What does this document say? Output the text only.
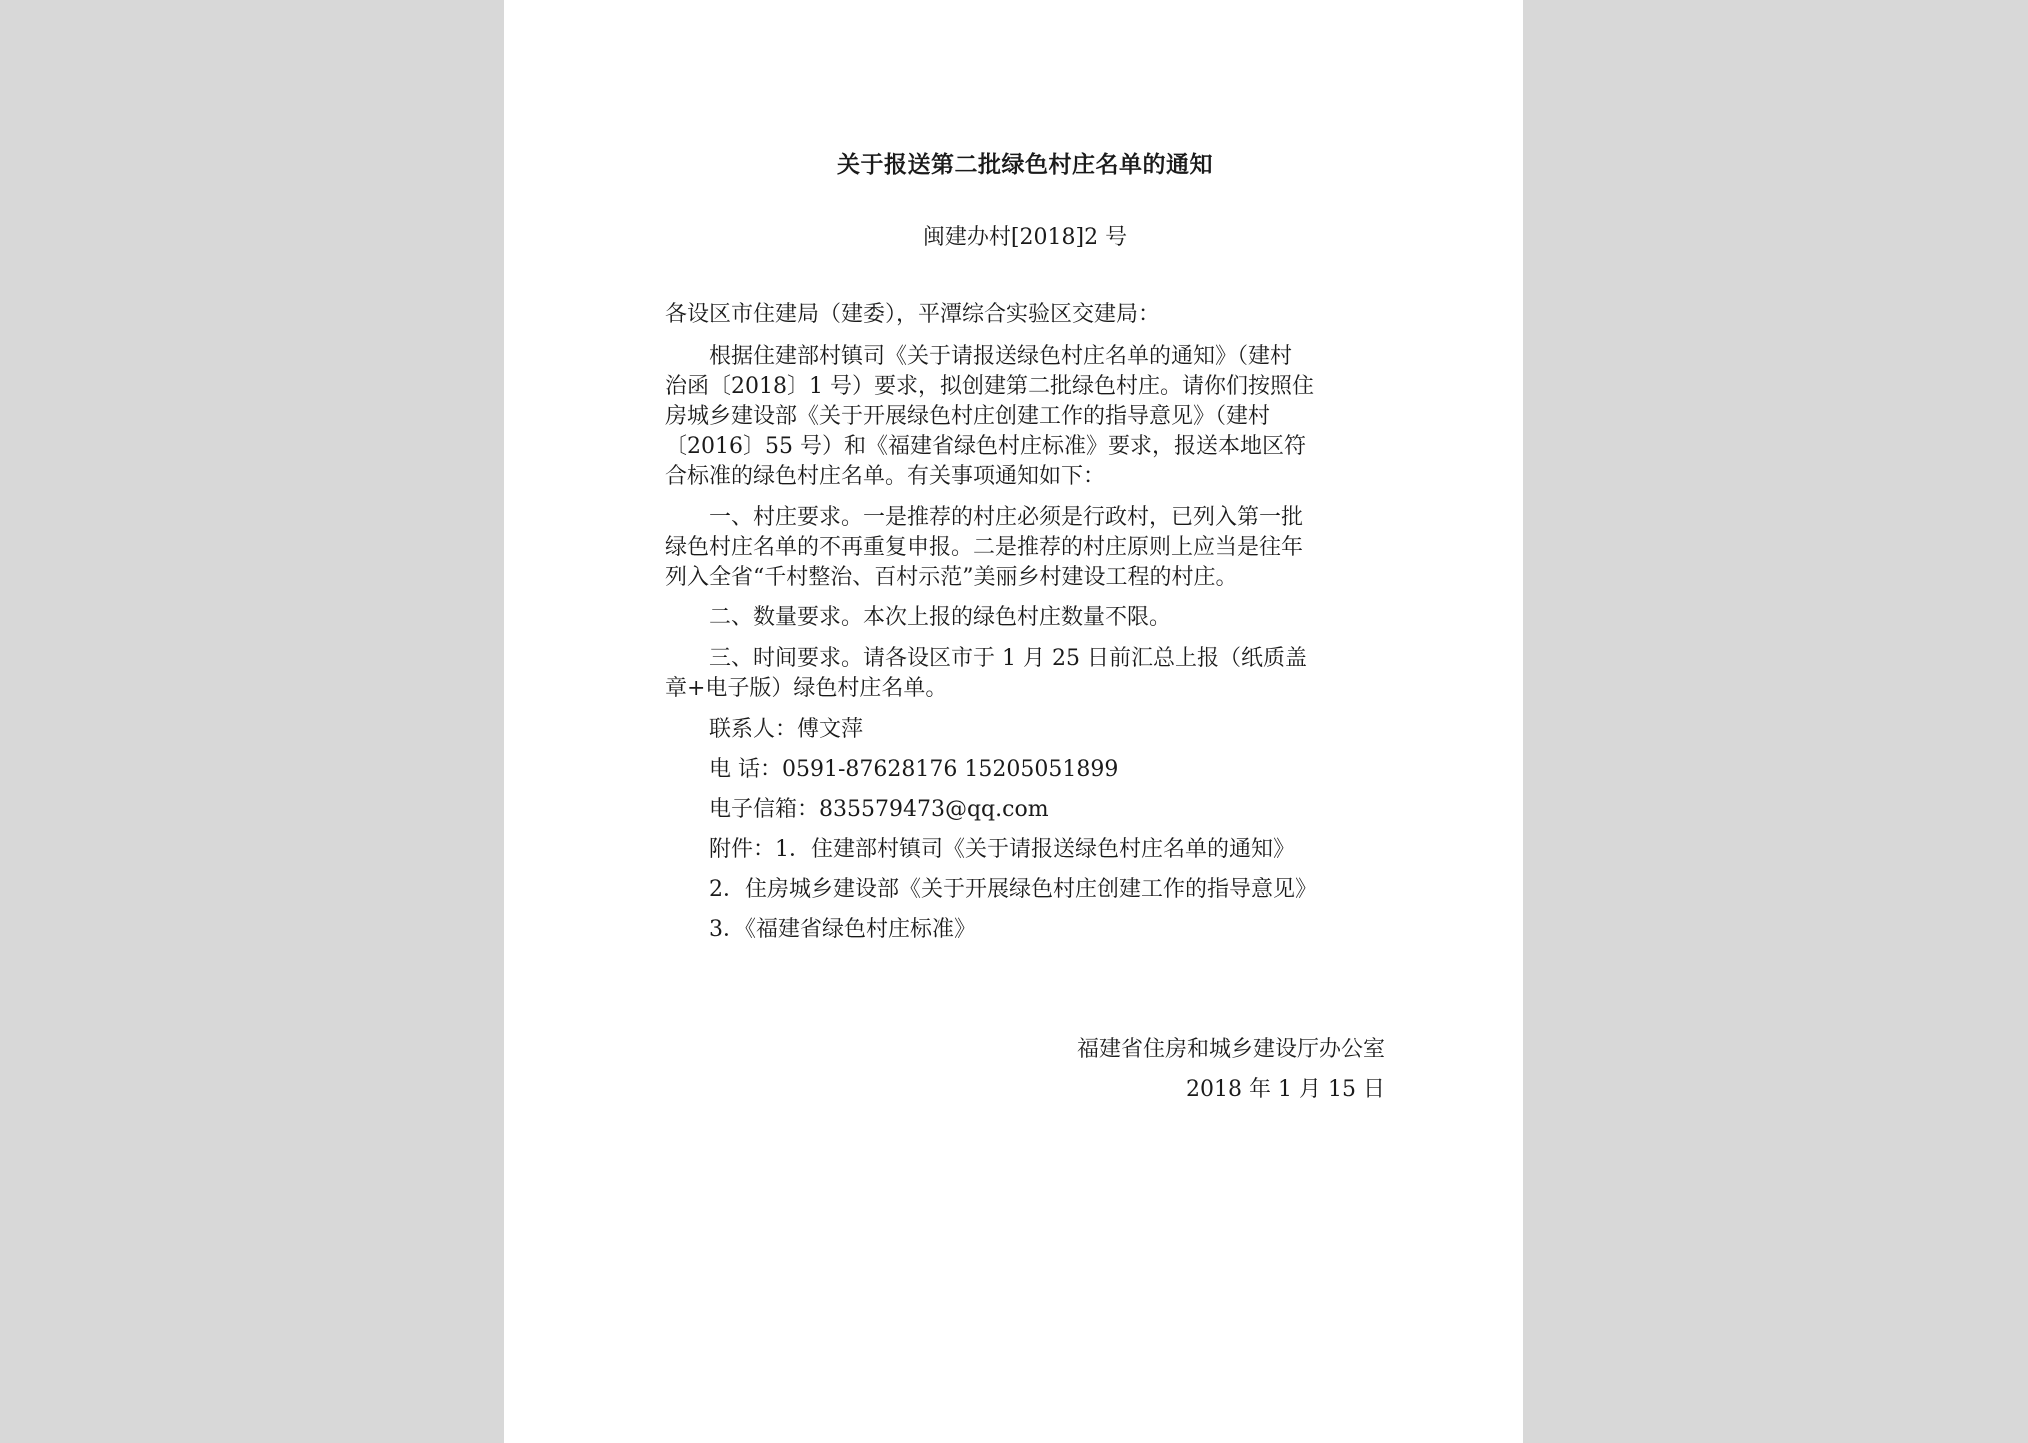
关于报送第二批绿色村庄名单的通知
闽建办村[2018]2 号
各设区市住建局（建委），平潭综合实验区交建局：
　　根据住建部村镇司《关于请报送绿色村庄名单的通知》（建村
治函〔2018〕1 号）要求，拟创建第二批绿色村庄。请你们按照住
房城乡建设部《关于开展绿色村庄创建工作的指导意见》（建村
〔2016〕55 号）和《福建省绿色村庄标准》要求，报送本地区符
合标准的绿色村庄名单。有关事项通知如下：
　　一、村庄要求。一是推荐的村庄必须是行政村，已列入第一批
绿色村庄名单的不再重复申报。二是推荐的村庄原则上应当是往年
列入全省“千村整治、百村示范”美丽乡村建设工程的村庄。
　　二、数量要求。本次上报的绿色村庄数量不限。
　　三、时间要求。请各设区市于 1 月 25 日前汇总上报（纸质盖
章+电子版）绿色村庄名单。
　　联系人：傅文萍
　　电 话：0591-87628176 15205051899
　　电子信箱：835579473@qq.com
　　附件：1．住建部村镇司《关于请报送绿色村庄名单的通知》
　　2．住房城乡建设部《关于开展绿色村庄创建工作的指导意见》
　　3．《福建省绿色村庄标准》
福建省住房和城乡建设厅办公室
2018 年 1 月 15 日
